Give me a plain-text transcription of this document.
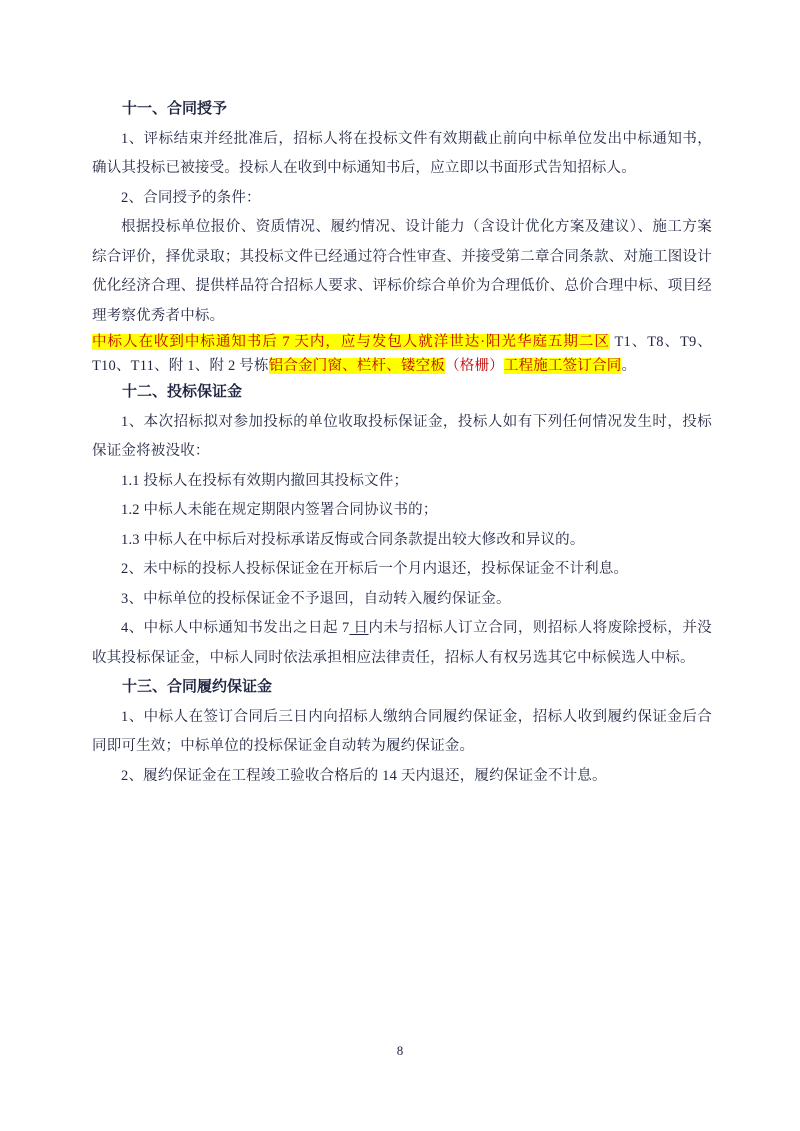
十一、合同授予

1、评标结束并经批准后，招标人将在投标文件有效期截止前向中标单位发出中标通知书，确认其投标已被接受。投标人在收到中标通知书后，应立即以书面形式告知招标人。

2、合同授予的条件：

根据投标单位报价、资质情况、履约情况、设计能力（含设计优化方案及建议）、施工方案综合评价，择优录取；其投标文件已经通过符合性审查、并接受第二章合同条款、对施工图设计优化经济合理、提供样品符合招标人要求、评标价综合单价为合理低价、总价合理中标、项目经理考察优秀者中标。

中标人在收到中标通知书后 7 天内，应与发包人就洋世达·阳光华庭五期二区 T1、T8、T9、T10、T11、附 1、附 2 号栋铝合金门窗、栏杆、镂空板（格栅）工程施工签订合同。

十二、投标保证金

1、本次招标拟对参加投标的单位收取投标保证金，投标人如有下列任何情况发生时，投标保证金将被没收：

1.1 投标人在投标有效期内撤回其投标文件；

1.2 中标人未能在规定期限内签署合同协议书的；

1.3 中标人在中标后对投标承诺反悔或合同条款提出较大修改和异议的。

2、未中标的投标人投标保证金在开标后一个月内退还，投标保证金不计利息。

3、中标单位的投标保证金不予退回，自动转入履约保证金。

4、中标人中标通知书发出之日起 7 日内未与招标人订立合同，则招标人将废除授标，并没收其投标保证金，中标人同时依法承担相应法律责任，招标人有权另选其它中标候选人中标。

十三、合同履约保证金

1、中标人在签订合同后三日内向招标人缴纳合同履约保证金，招标人收到履约保证金后合同即可生效；中标单位的投标保证金自动转为履约保证金。

2、履约保证金在工程竣工验收合格后的 14 天内退还，履约保证金不计息。

8
